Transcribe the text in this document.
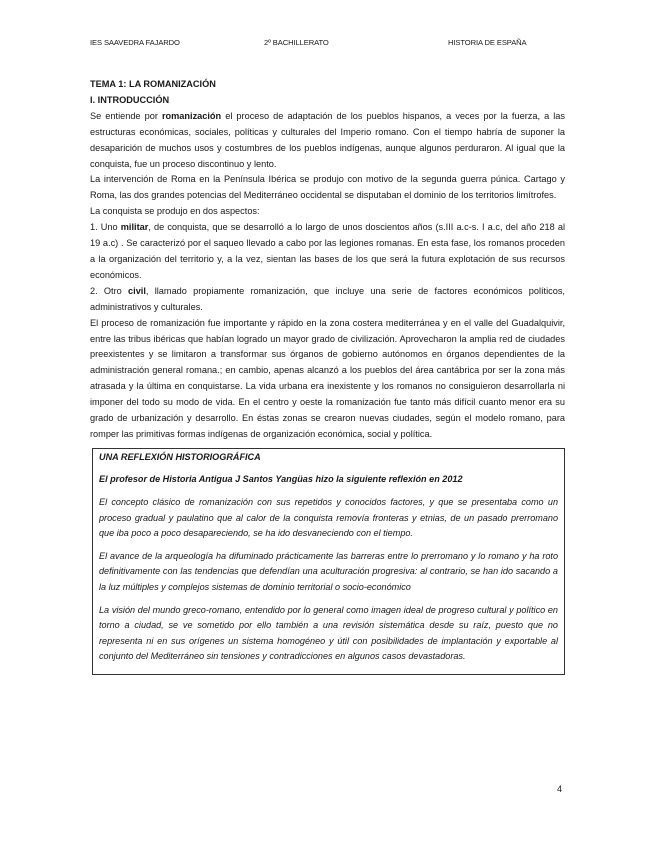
IES SAAVEDRA FAJARDO	2º BACHILLERATO	HISTORIA DE ESPAÑA

TEMA 1: LA ROMANIZACIÓN

I. INTRODUCCIÓN

Se entiende por romanización el proceso de adaptación de los pueblos hispanos, a veces por la fuerza, a las estructuras económicas, sociales, políticas y culturales del Imperio romano. Con el tiempo habría de suponer la desaparición de muchos usos y costumbres de los pueblos indígenas, aunque algunos perduraron. Al igual que la conquista, fue un proceso discontinuo y lento.

La intervención de Roma en la Península Ibérica se produjo con motivo de la segunda guerra púnica. Cartago y Roma, las dos grandes potencias del Mediterráneo occidental se disputaban el dominio de los territorios limítrofes.

La conquista se produjo en dos aspectos:

1. Uno militar, de conquista, que se desarrolló a lo largo de unos doscientos años (s.III a.c-s. I a.c, del año 218 al 19 a.c) . Se caracterizó por el saqueo llevado a cabo por las legiones romanas. En esta fase, los romanos proceden a la organización del territorio y, a la vez, sientan las bases de los que será la futura explotación de sus recursos económicos.

2. Otro civil, llamado propiamente romanización, que incluye una serie de factores económicos políticos, administrativos y culturales.

El proceso de romanización fue importante y rápido en la zona costera mediterránea y en el valle del Guadalquivir, entre las tribus ibéricas que habían logrado un mayor grado de civilización. Aprovecharon la amplia red de ciudades preexistentes y se limitaron a transformar sus órganos de gobierno autónomos en órganos dependientes de la administración general romana.; en cambio, apenas alcanzó a los pueblos del área cantábrica por ser la zona más atrasada y la última en conquistarse. La vida urbana era inexistente y los romanos no consiguieron desarrollarla ni imponer del todo su modo de vida. En el centro y oeste la romanización fue tanto más difícil cuanto menor era su grado de urbanización y desarrollo. En éstas zonas se crearon nuevas ciudades, según el modelo romano, para romper las primitivas formas indígenas de organización económica, social y política.

UNA REFLEXIÓN HISTORIOGRÁFICA

El profesor de Historia Antigua J Santos Yangüas hizo la siguiente reflexión en 2012

El concepto clásico de romanización con sus repetidos y conocidos factores, y que se presentaba como un proceso gradual y paulatino que al calor de la conquista removía fronteras y etnias, de un pasado prerromano que iba poco a poco desapareciendo, se ha ido desvaneciendo con el tiempo.

El avance de la arqueología ha difuminado prácticamente las barreras entre lo prerromano y lo romano y ha roto definitivamente con las tendencias que defendían una aculturación progresiva: al contrario, se han ido sacando a la luz múltiples y complejos sistemas de dominio territorial o socio-económico

La visión del mundo greco-romano, entendido por lo general como imagen ideal de progreso cultural y político en torno a ciudad, se ve sometido por ello también a una revisión sistemática desde su raíz, puesto que no representa ni en sus orígenes un sistema homogéneo y útil con posibilidades de implantación y exportable al conjunto del Mediterráneo sin tensiones y contradicciones en algunos casos devastadoras.

4
